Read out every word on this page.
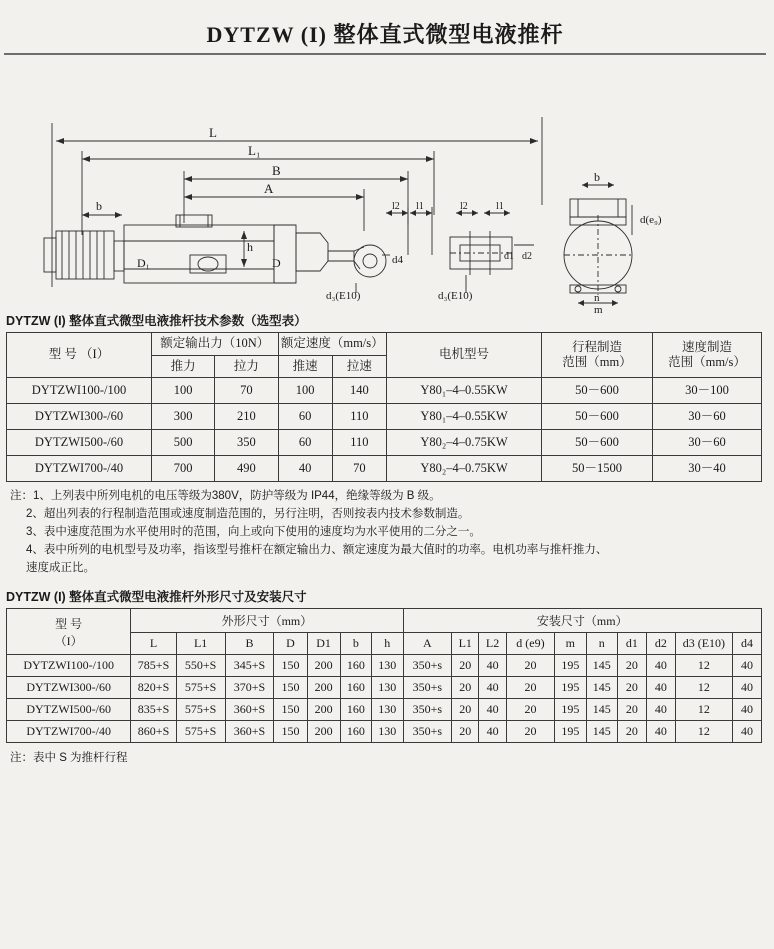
DYTZW (I) 整体直式微型电液推杆
L
L₁
B
A
b
D₁
h
D	d4
d₃(E10)
l2 l1	l2	l1
d1 d2
d₃(E10)
b
d(e₉)
n
m
DYTZW (I) 整体直式微型电液推杆技术参数（选型表）
型 号 （I）	额定输出力（10N）		额定速度（mm/s）		电机型号	行程制造
范围（mm）	速度制造
范围（mm/s）
	推力	拉力	推速	拉速			
DYTZWI100-/100	100	70	100	140	Y80₁–4–0.55KW	50－600	30－100
DYTZWI300-/60	300	210	60	110	Y80₁–4–0.55KW	50－600	30－60
DYTZWI500-/60	500	350	60	110	Y80₂–4–0.75KW	50－600	30－60
DYTZWI700-/40	700	490	40	70	Y80₂–4–0.75KW	50－1500	30－40
注：1、上列表中所列电机的电压等级为380V，防护等级为 IP44，绝缘等级为 B 级。
2、超出列表的行程制造范围或速度制造范围的，另行注明，否则按表内技术参数制造。
3、表中速度范围为水平使用时的范围，向上或向下使用的速度均为水平使用的二分之一。
4、表中所列的电机型号及功率，指该型号推杆在额定输出力、额定速度为最大值时的功率。电机功率与推杆推力、
速度成正比。
DYTZW (I) 整体直式微型电液推杆外形尺寸及安装尺寸
型 号
（I）	外形尺寸（mm）							安装尺寸（mm）									
	L	L1	B	D	D1	b	h	A	L1	L2	d (e9)	m	n	d1	d2	d3 (E10)	d4
DYTZWI100-/100	785+S	550+S	345+S	150	200	160	130	350+s	20	40	20	195	145	20	40	12	40
DYTZWI300-/60	820+S	575+S	370+S	150	200	160	130	350+s	20	40	20	195	145	20	40	12	40
DYTZWI500-/60	835+S	575+S	360+S	150	200	160	130	350+s	20	40	20	195	145	20	40	12	40
DYTZWI700-/40	860+S	575+S	360+S	150	200	160	130	350+s	20	40	20	195	145	20	40	12	40
注：表中 S 为推杆行程
